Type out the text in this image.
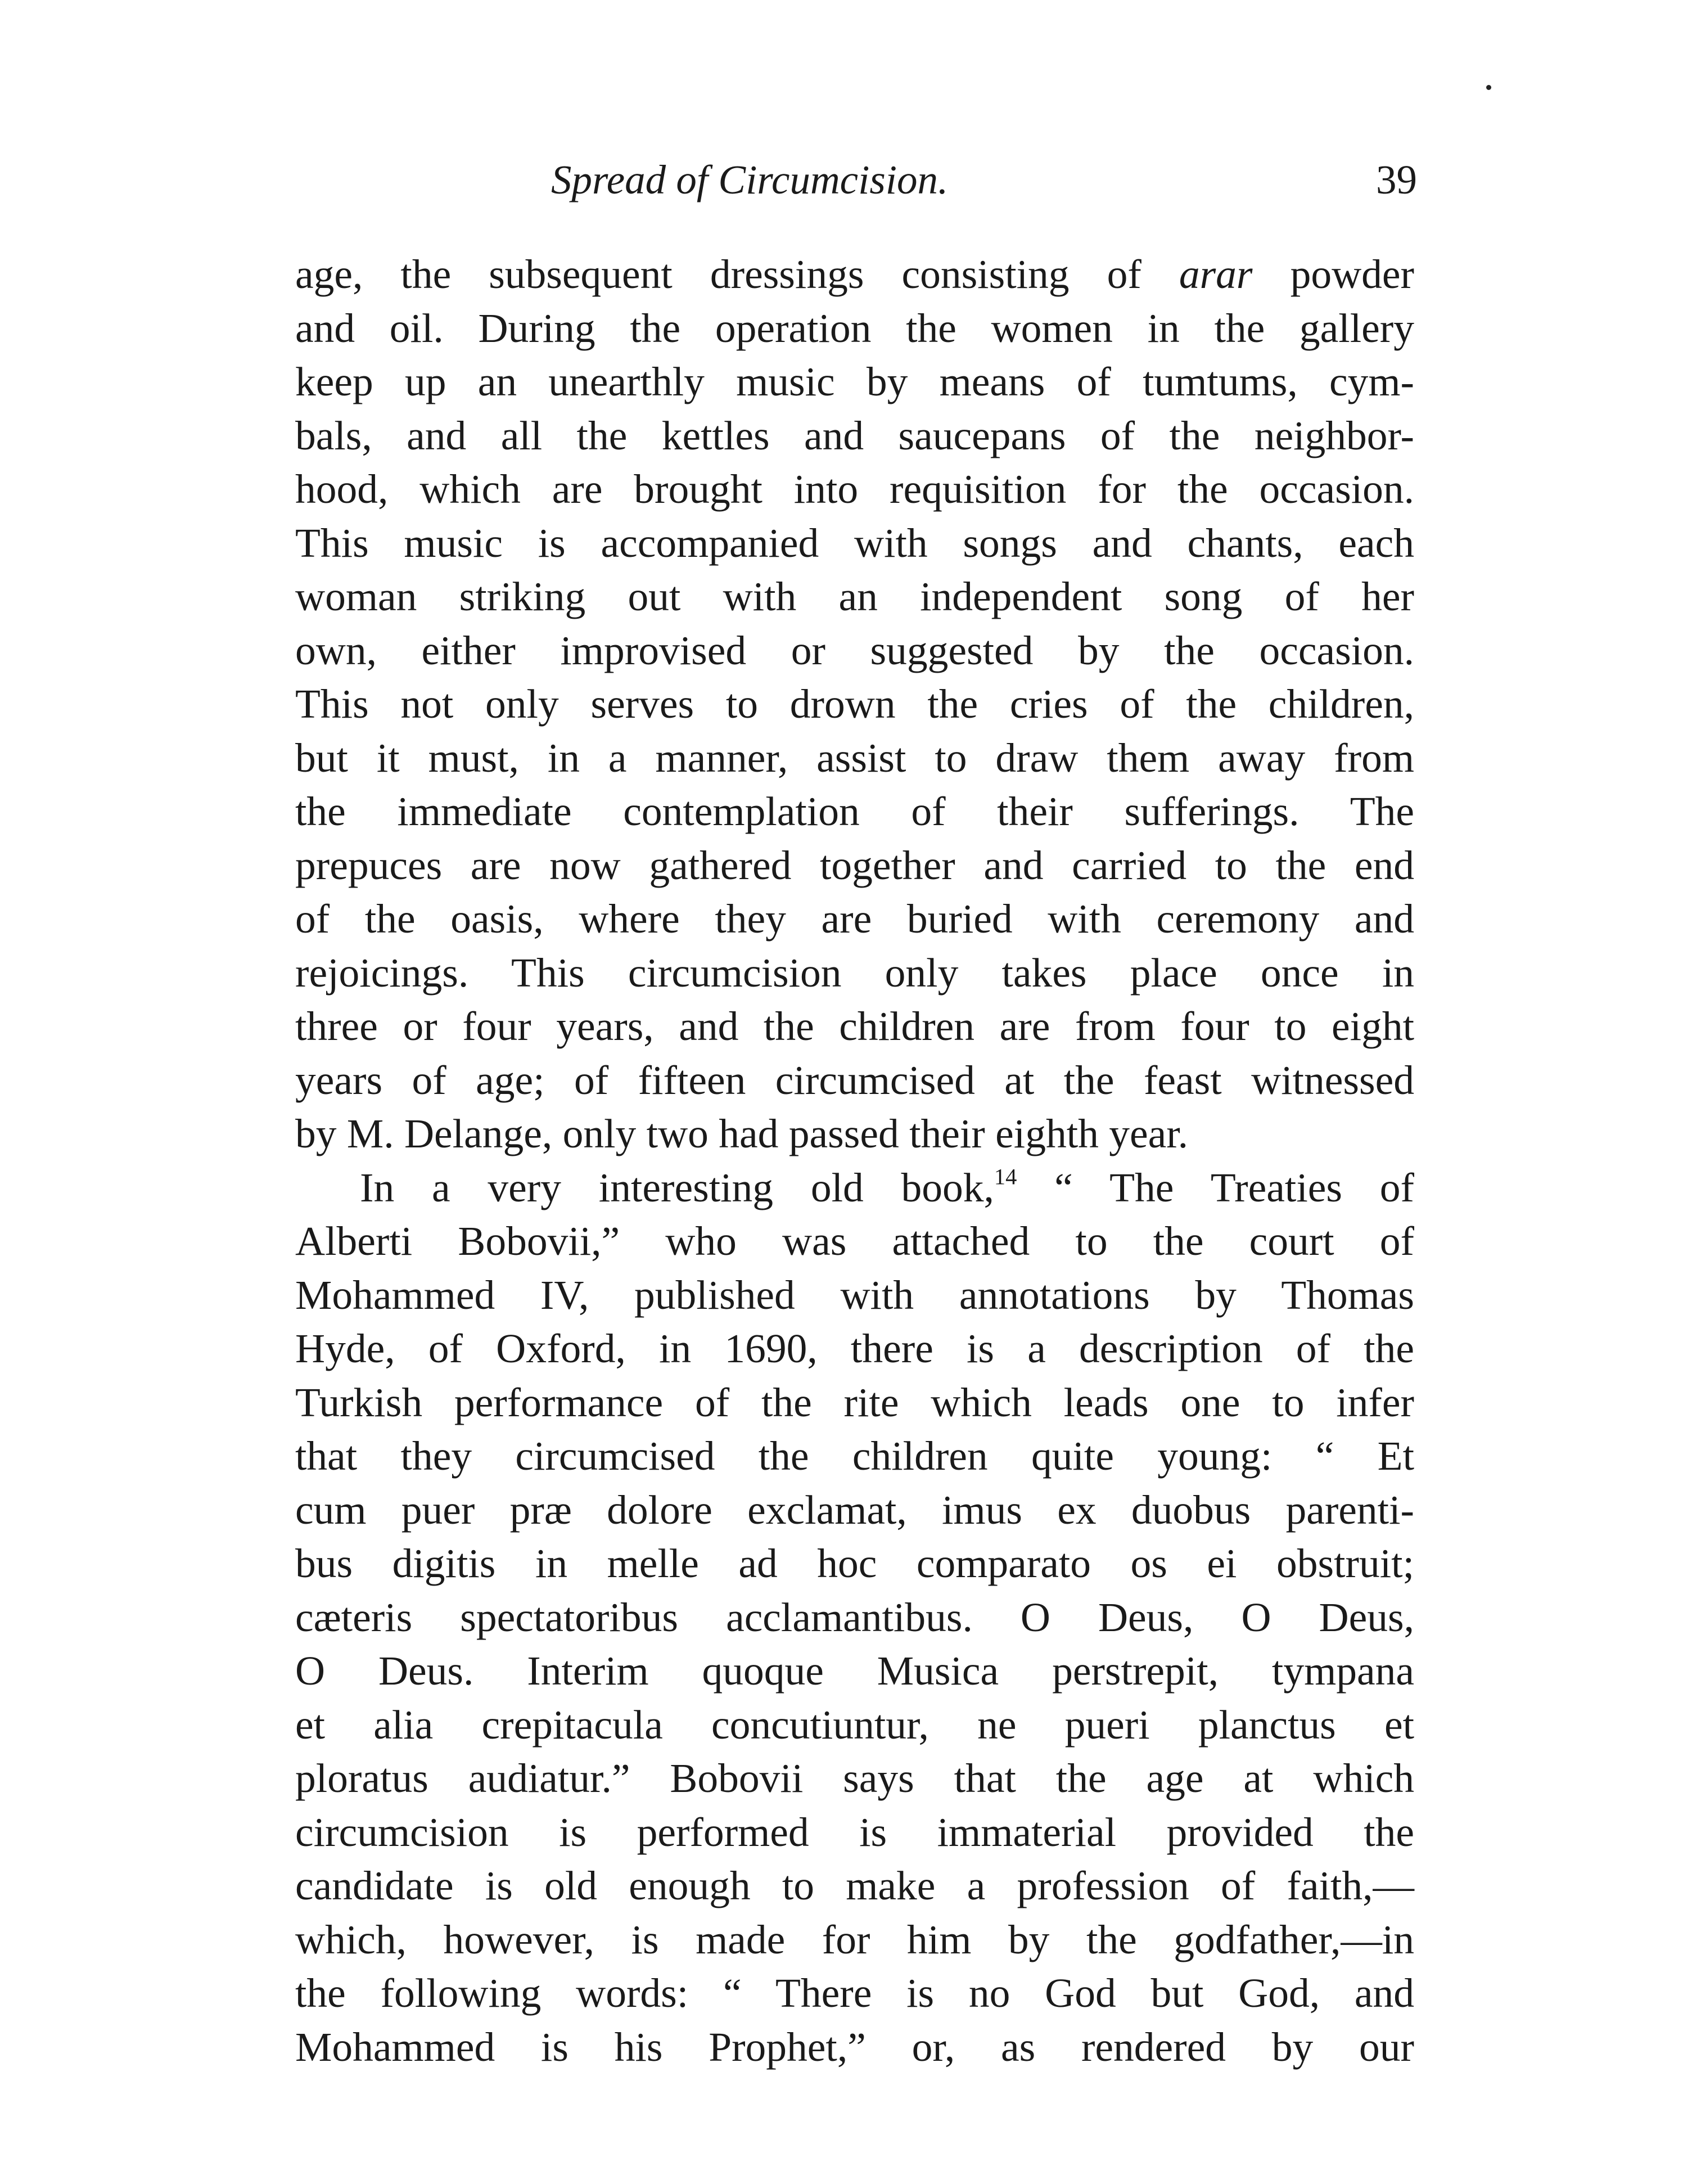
Spread of Circumcision.	39
age, the subsequent dressings consisting of arar powder
and oil. During the operation the women in the gallery
keep up an unearthly music by means of tumtums, cym-
bals, and all the kettles and saucepans of the neighbor-
hood, which are brought into requisition for the occasion.
This music is accompanied with songs and chants, each
woman striking out with an independent song of her
own, either improvised or suggested by the occasion.
This not only serves to drown the cries of the children,
but it must, in a manner, assist to draw them away from
the immediate contemplation of their sufferings. The
prepuces are now gathered together and carried to the end
of the oasis, where they are buried with ceremony and
rejoicings. This circumcision only takes place once in
three or four years, and the children are from four to eight
years of age; of fifteen circumcised at the feast witnessed
by M. Delange, only two had passed their eighth year.
In a very interesting old book,$^{14}$ “ The Treaties of
Alberti Bobovii,” who was attached to the court of
Mohammed IV, published with annotations by Thomas
Hyde, of Oxford, in 1690, there is a description of the
Turkish performance of the rite which leads one to infer
that they circumcised the children quite young: “ Et
cum puer præ dolore exclamat, imus ex duobus parenti-
bus digitis in melle ad hoc comparato os ei obstruit;
cæteris spectatoribus acclamantibus. O Deus, O Deus,
O Deus. Interim quoque Musica perstrepit, tympana
et alia crepitacula concutiuntur, ne pueri planctus et
ploratus audiatur.” Bobovii says that the age at which
circumcision is performed is immaterial provided the
candidate is old enough to make a profession of faith,—
which, however, is made for him by the godfather,—in
the following words: “ There is no God but God, and
Mohammed is his Prophet,” or, as rendered by our
